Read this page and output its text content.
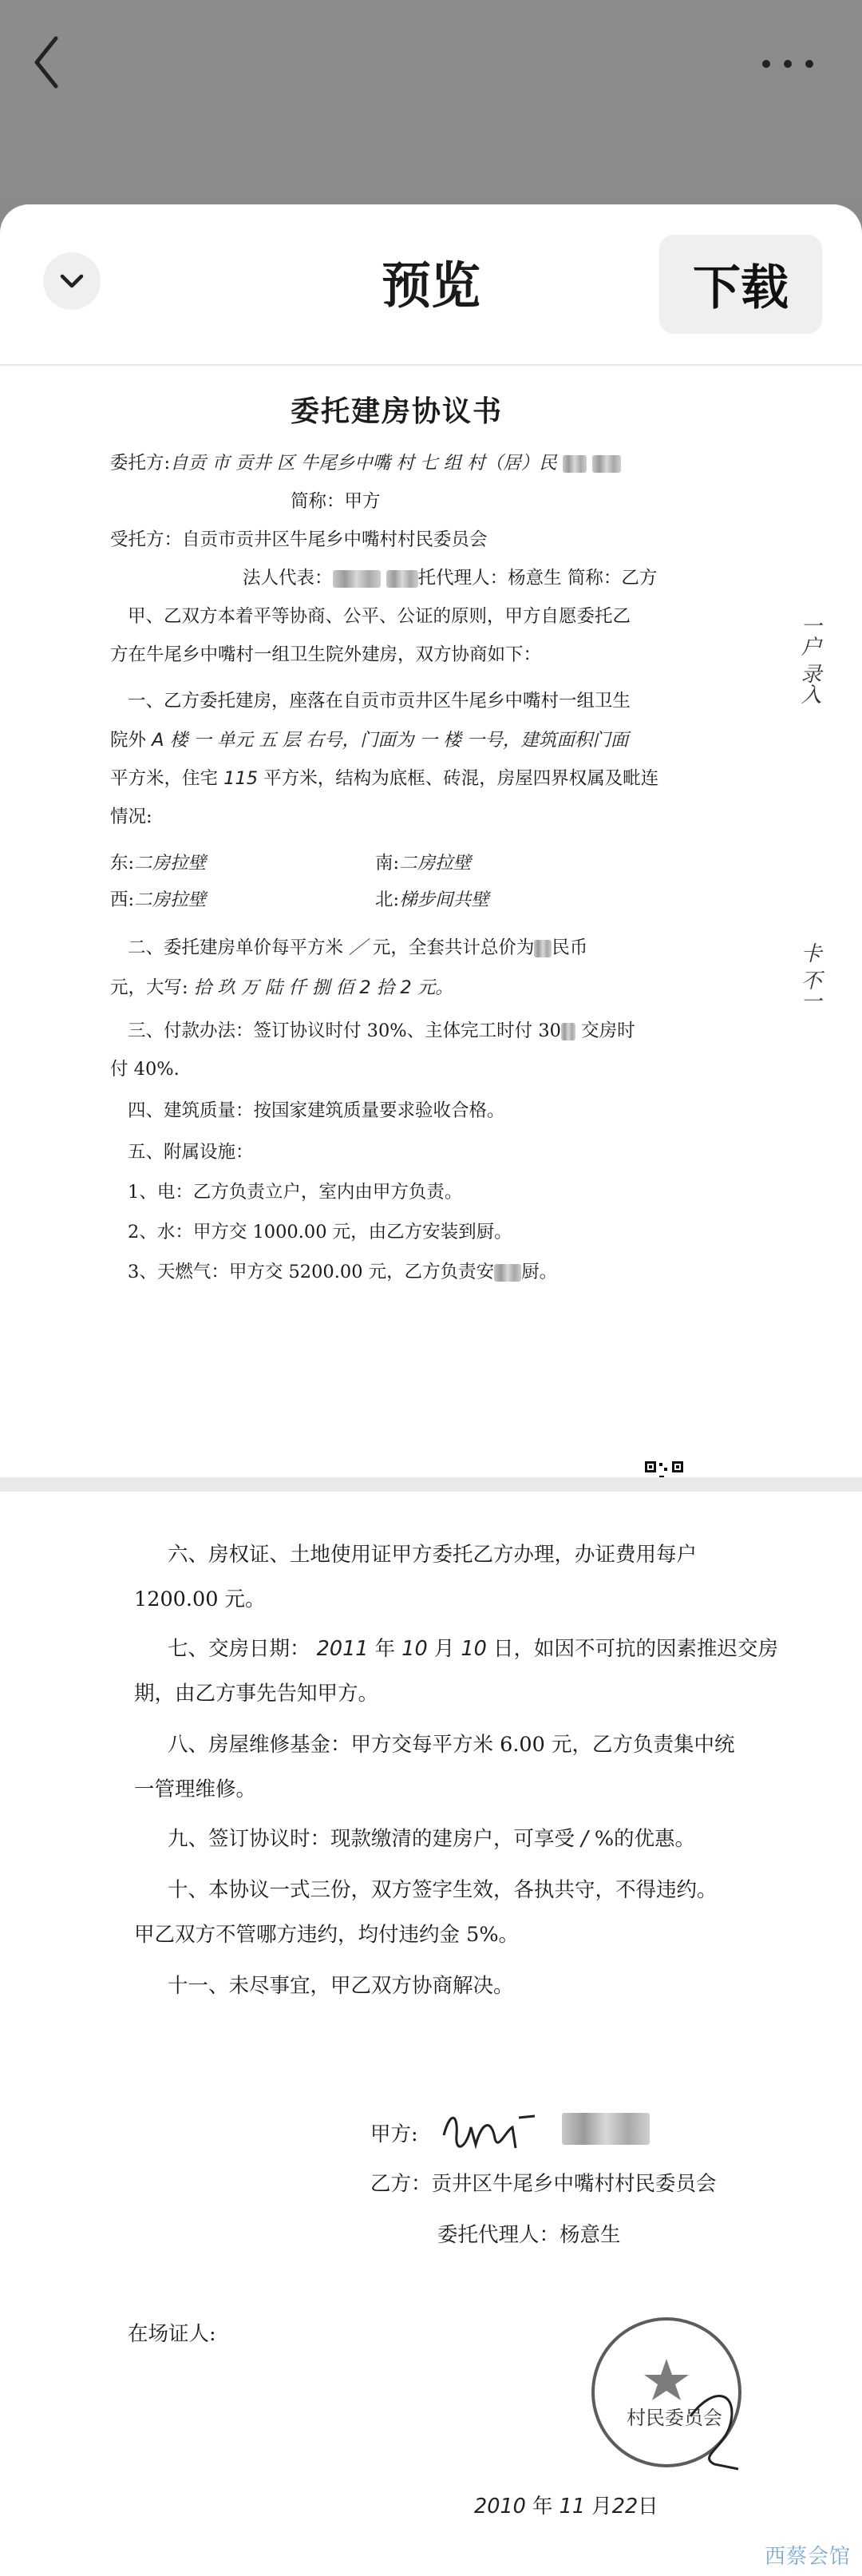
预览	下载
委托建房协议书
委托方:自贡 市 贡井 区 牛尾乡中嘴 村 七 组 村（居）民
简称：甲方
受托方：自贡市贡井区牛尾乡中嘴村村民委员会
法人代表：	托代理人：杨意生 简称：乙方
甲、乙双方本着平等协商、公平、公证的原则，甲方自愿委托乙
方在牛尾乡中嘴村一组卫生院外建房，双方协商如下：
一、乙方委托建房，座落在自贡市贡井区牛尾乡中嘴村一组卫生
院外 A 楼 一 单元 五 层 右号，门面为 一 楼 一号，建筑面积门面
平方米，住宅 115 平方米，结构为底框、砖混，房屋四界权属及毗连
情况:
东:二房拉壁	南:二房拉壁
西:二房拉壁	北:梯步间共壁
二、委托建房单价每平方米 ／ 元，全套共计总价为 民币
元，大写: 拾 玖 万 陆 仟 捌 佰 2 拾 2 元。
三、付款办法：签订协议时付 30%、主体完工时付 30 交房时
付 40%.
四、建筑质量：按国家建筑质量要求验收合格。
五、附属设施：
1、电：乙方负责立户，室内由甲方负责。
2、水：甲方交 1000.00 元，由乙方安装到厨。
3、天燃气：甲方交 5200.00 元，乙方负责安 厨。
一户 录入
卡 不一
六、房权证、土地使用证甲方委托乙方办理，办证费用每户
1200.00 元。
七、交房日期： 2011 年 10 月 10 日，如因不可抗的因素推迟交房
期，由乙方事先告知甲方。
八、房屋维修基金：甲方交每平方米 6.00 元，乙方负责集中统
一管理维修。
九、签订协议时：现款缴清的建房户，可享受 / %的优惠。
十、本协议一式三份，双方签字生效，各执共守，不得违约。
甲乙双方不管哪方违约，均付违约金 5%。
十一、未尽事宜，甲乙双方协商解决。
甲方:
乙方：贡井区牛尾乡中嘴村村民委员会
委托代理人：杨意生
在场证人:
2010 年 11 月22日
村民委员会
西蔡会馆
